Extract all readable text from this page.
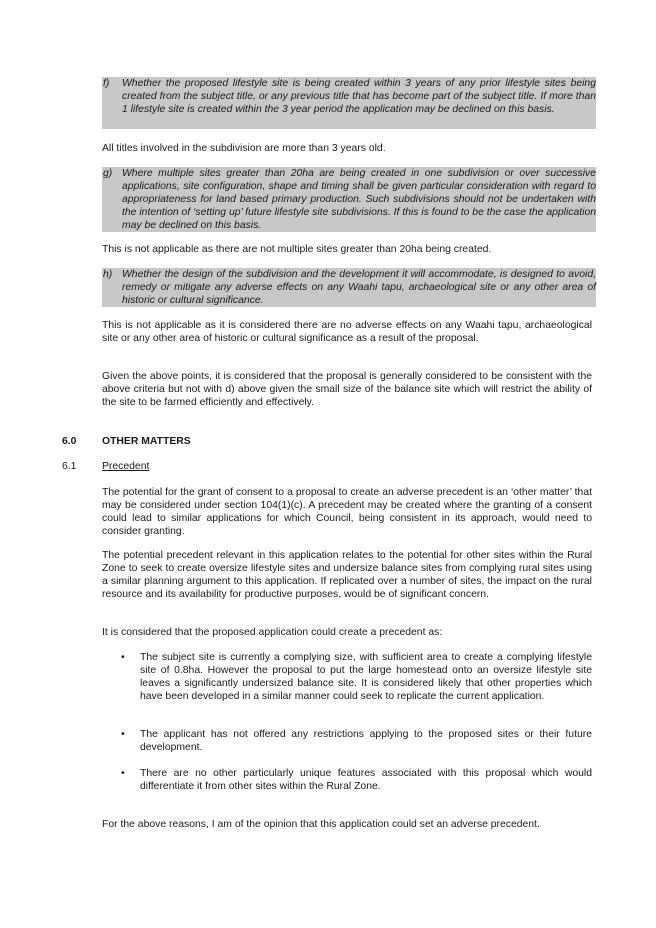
f) Whether the proposed lifestyle site is being created within 3 years of any prior lifestyle sites being created from the subject title, or any previous title that has become part of the subject title. If more than 1 lifestyle site is created within the 3 year period the application may be declined on this basis.

All titles involved in the subdivision are more than 3 years old.

g) Where multiple sites greater than 20ha are being created in one subdivision or over successive applications, site configuration, shape and timing shall be given particular consideration with regard to appropriateness for land based primary production. Such subdivisions should not be undertaken with the intention of ‘setting up’ future lifestyle site subdivisions. If this is found to be the case the application may be declined on this basis.

This is not applicable as there are not multiple sites greater than 20ha being created.

h) Whether the design of the subdivision and the development it will accommodate, is designed to avoid, remedy or mitigate any adverse effects on any Waahi tapu, archaeological site or any other area of historic or cultural significance.

This is not applicable as it is considered there are no adverse effects on any Waahi tapu, archaeological site or any other area of historic or cultural significance as a result of the proposal.

Given the above points, it is considered that the proposal is generally considered to be consistent with the above criteria but not with d) above given the small size of the balance site which will restrict the ability of the site to be farmed efficiently and effectively.

6.0 OTHER MATTERS
6.1 Precedent

The potential for the grant of consent to a proposal to create an adverse precedent is an ‘other matter’ that may be considered under section 104(1)(c). A precedent may be created where the granting of a consent could lead to similar applications for which Council, being consistent in its approach, would need to consider granting.

The potential precedent relevant in this application relates to the potential for other sites within the Rural Zone to seek to create oversize lifestyle sites and undersize balance sites from complying rural sites using a similar planning argument to this application. If replicated over a number of sites, the impact on the rural resource and its availability for productive purposes, would be of significant concern.

It is considered that the proposed application could create a precedent as:

• The subject site is currently a complying size, with sufficient area to create a complying lifestyle site of 0.8ha. However the proposal to put the large homestead onto an oversize lifestyle site leaves a significantly undersized balance site. It is considered likely that other properties which have been developed in a similar manner could seek to replicate the current application.

• The applicant has not offered any restrictions applying to the proposed sites or their future development.

• There are no other particularly unique features associated with this proposal which would differentiate it from other sites within the Rural Zone.

For the above reasons, I am of the opinion that this application could set an adverse precedent.
